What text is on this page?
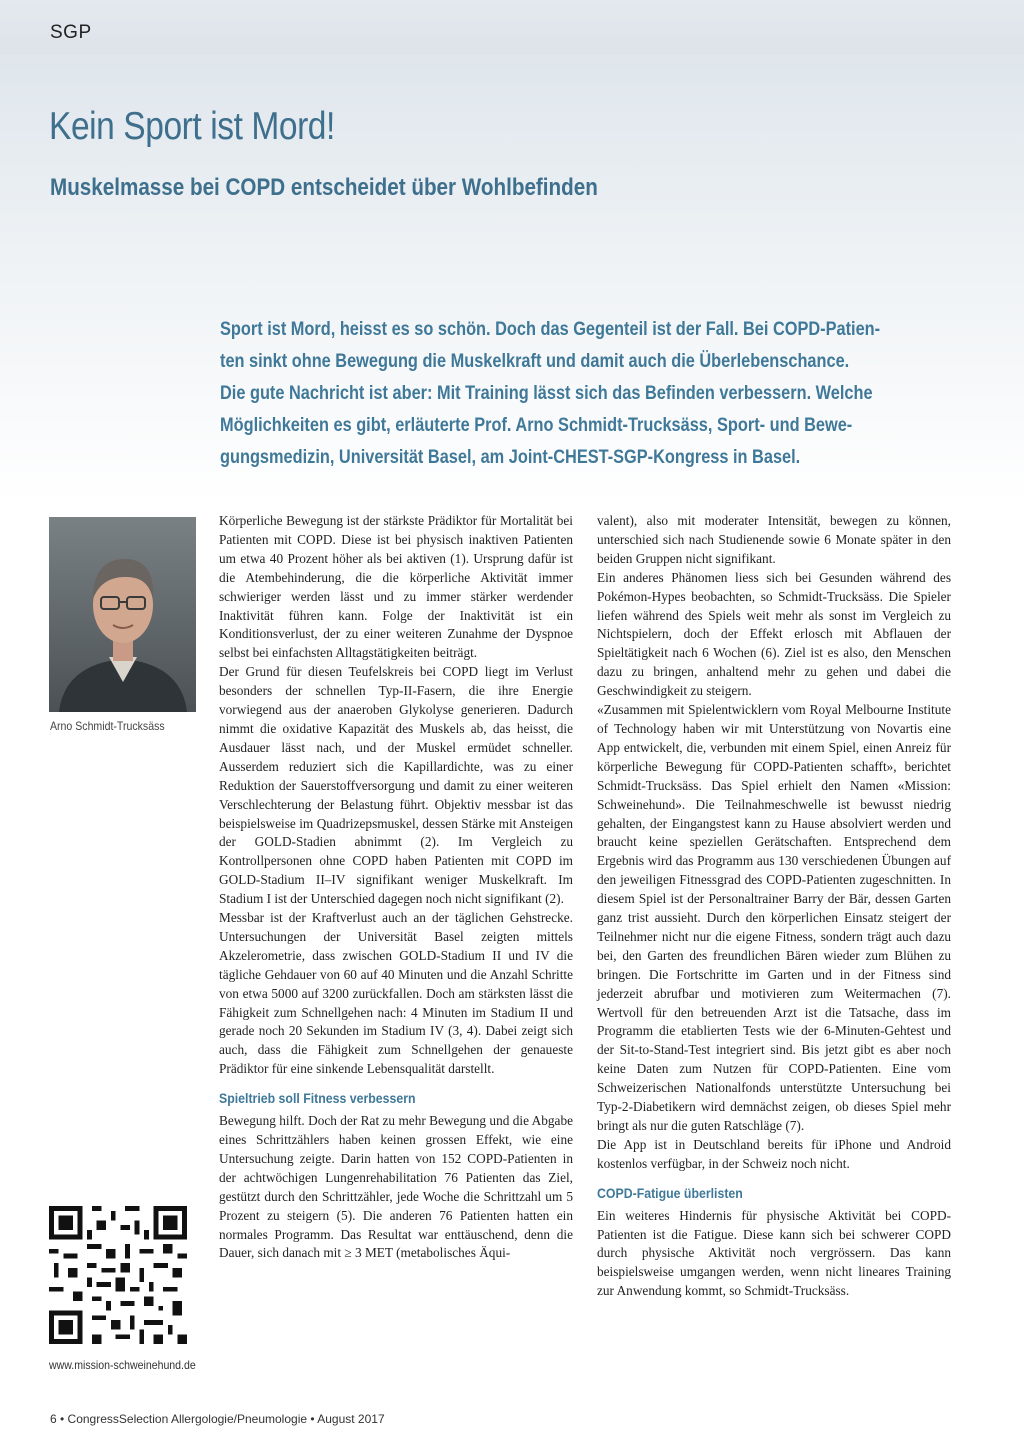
SGP
Kein Sport ist Mord!
Muskelmasse bei COPD entscheidet über Wohlbefinden
Sport ist Mord, heisst es so schön. Doch das Gegenteil ist der Fall. Bei COPD-Patien-
ten sinkt ohne Bewegung die Muskelkraft und damit auch die Überlebenschance.
Die gute Nachricht ist aber: Mit Training lässt sich das Befinden verbessern. Welche
Möglichkeiten es gibt, erläuterte Prof. Arno Schmidt-Trucksäss, Sport- und Bewe-
gungsmedizin, Universität Basel, am Joint-CHEST-SGP-Kongress in Basel.
Arno Schmidt-Trucksäss
www.mission-schweinehund.de

Körperliche Bewegung ist der stärkste Prädiktor für Mortalität bei Patienten mit COPD. Diese ist bei physisch inaktiven Patienten um etwa 40 Prozent höher als bei aktiven (1). Ursprung dafür ist die Atembehinderung, die die körperliche Aktivität immer schwieriger werden lässt und zu immer stärker werdender Inaktivität führen kann. Folge der Inaktivität ist ein Konditionsverlust, der zu einer weiteren Zunahme der Dyspnoe selbst bei einfachsten Alltagstätigkeiten beiträgt.

Der Grund für diesen Teufelskreis bei COPD liegt im Verlust besonders der schnellen Typ-II-Fasern, die ihre Energie vorwiegend aus der anaeroben Glykolyse generieren. Dadurch nimmt die oxidative Kapazität des Muskels ab, das heisst, die Ausdauer lässt nach, und der Muskel ermüdet schneller. Ausserdem reduziert sich die Kapillardichte, was zu einer Reduktion der Sauerstoffversorgung und damit zu einer weiteren Verschlechterung der Belastung führt. Objektiv messbar ist das beispielsweise im Quadrizepsmuskel, dessen Stärke mit Ansteigen der GOLD-Stadien abnimmt (2). Im Vergleich zu Kontrollpersonen ohne COPD haben Patienten mit COPD im GOLD-Stadium II–IV signifikant weniger Muskelkraft. Im Stadium I ist der Unterschied dagegen noch nicht signifikant (2).

Messbar ist der Kraftverlust auch an der täglichen Gehstrecke. Untersuchungen der Universität Basel zeigten mittels Akzelerometrie, dass zwischen GOLD-Stadium II und IV die tägliche Gehdauer von 60 auf 40 Minuten und die Anzahl Schritte von etwa 5000 auf 3200 zurückfallen. Doch am stärksten lässt die Fähigkeit zum Schnellgehen nach: 4 Minuten im Stadium II und gerade noch 20 Sekunden im Stadium IV (3, 4). Dabei zeigt sich auch, dass die Fähigkeit zum Schnellgehen der genaueste Prädiktor für eine sinkende Lebensqualität darstellt.

Spieltrieb soll Fitness verbessern

Bewegung hilft. Doch der Rat zu mehr Bewegung und die Abgabe eines Schrittzählers haben keinen grossen Effekt, wie eine Untersuchung zeigte. Darin hatten von 152 COPD-Patienten in der achtwöchigen Lungenrehabilitation 76 Patienten das Ziel, gestützt durch den Schrittzähler, jede Woche die Schrittzahl um 5 Prozent zu steigern (5). Die anderen 76 Patienten hatten ein normales Programm. Das Resultat war enttäuschend, denn die Dauer, sich danach mit ≥ 3 MET (metabolisches Äqui-

valent), also mit moderater Intensität, bewegen zu können, unterschied sich nach Studienende sowie 6 Monate später in den beiden Gruppen nicht signifikant.

Ein anderes Phänomen liess sich bei Gesunden während des Pokémon-Hypes beobachten, so Schmidt-Trucksäss. Die Spieler liefen während des Spiels weit mehr als sonst im Vergleich zu Nichtspielern, doch der Effekt erlosch mit Abflauen der Spieltätigkeit nach 6 Wochen (6). Ziel ist es also, den Menschen dazu zu bringen, anhaltend mehr zu gehen und dabei die Geschwindigkeit zu steigern.

«Zusammen mit Spielentwicklern vom Royal Melbourne Institute of Technology haben wir mit Unterstützung von Novartis eine App entwickelt, die, verbunden mit einem Spiel, einen Anreiz für körperliche Bewegung für COPD-Patienten schafft», berichtet Schmidt-Trucksäss. Das Spiel erhielt den Namen «Mission: Schweinehund». Die Teilnahmeschwelle ist bewusst niedrig gehalten, der Eingangstest kann zu Hause absolviert werden und braucht keine speziellen Gerätschaften. Entsprechend dem Ergebnis wird das Programm aus 130 verschiedenen Übungen auf den jeweiligen Fitnessgrad des COPD-Patienten zugeschnitten. In diesem Spiel ist der Personaltrainer Barry der Bär, dessen Garten ganz trist aussieht. Durch den körperlichen Einsatz steigert der Teilnehmer nicht nur die eigene Fitness, sondern trägt auch dazu bei, den Garten des freundlichen Bären wieder zum Blühen zu bringen. Die Fortschritte im Garten und in der Fitness sind jederzeit abrufbar und motivieren zum Weitermachen (7). Wertvoll für den betreuenden Arzt ist die Tatsache, dass im Programm die etablierten Tests wie der 6-Minuten-Gehtest und der Sit-to-Stand-Test integriert sind. Bis jetzt gibt es aber noch keine Daten zum Nutzen für COPD-Patienten. Eine vom Schweizerischen Nationalfonds unterstützte Untersuchung bei Typ-2-Diabetikern wird demnächst zeigen, ob dieses Spiel mehr bringt als nur die guten Ratschläge (7).

Die App ist in Deutschland bereits für iPhone und Android kostenlos verfügbar, in der Schweiz noch nicht.

COPD-Fatigue überlisten

Ein weiteres Hindernis für physische Aktivität bei COPD-Patienten ist die Fatigue. Diese kann sich bei schwerer COPD durch physische Aktivität noch vergrössern. Das kann beispielsweise umgangen werden, wenn nicht lineares Training zur Anwendung kommt, so Schmidt-Trucksäss.

6 • CongressSelection Allergologie/Pneumologie • August 2017
